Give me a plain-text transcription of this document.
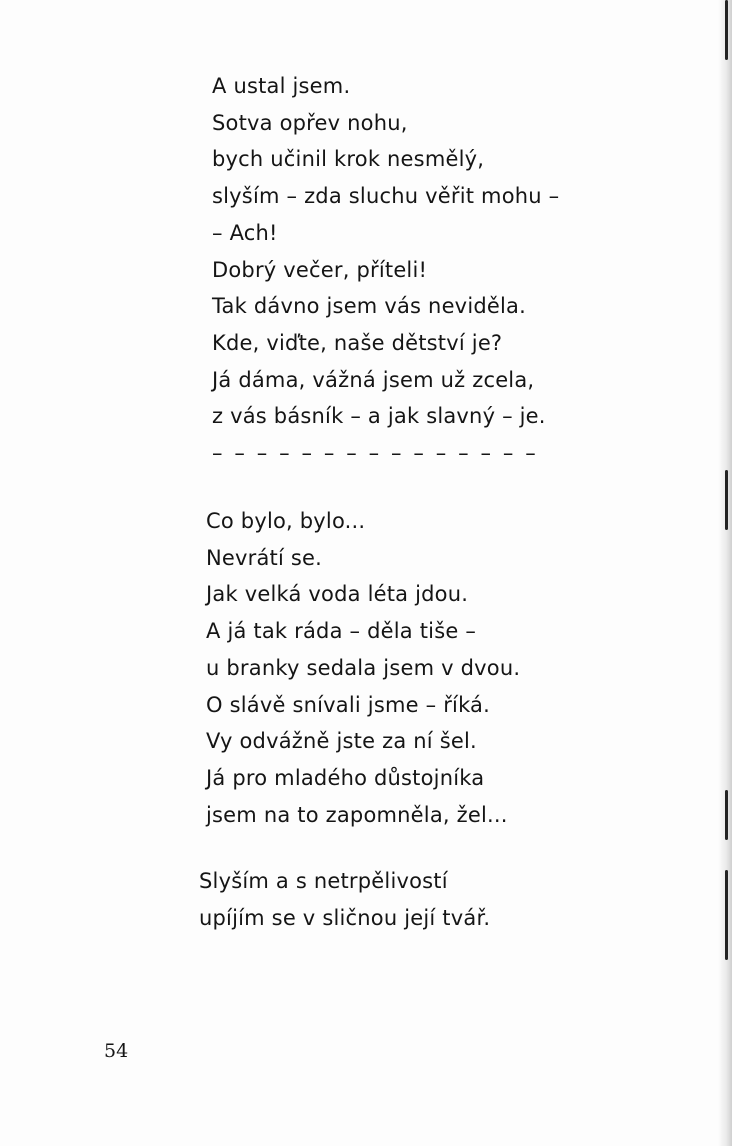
A ustal jsem.
Sotva opřev nohu,
bych učinil krok nesmělý,
slyším – zda sluchu věřit mohu –
– Ach!
Dobrý večer, příteli!
Tak dávno jsem vás neviděla.
Kde, viďte, naše dětství je?
Já dáma, vážná jsem už zcela,
z vás básník – a jak slavný – je.
– – – – – – – – – – – – – – –
Co bylo, bylo...
Nevrátí se.
Jak velká voda léta jdou.
A já tak ráda – děla tiše –
u branky sedala jsem v dvou.
O slávě snívali jsme – říká.
Vy odvážně jste za ní šel.
Já pro mladého důstojníka
jsem na to zapomněla, žel...
Slyším a s netrpělivostí
upíjím se v sličnou její tvář.
54
